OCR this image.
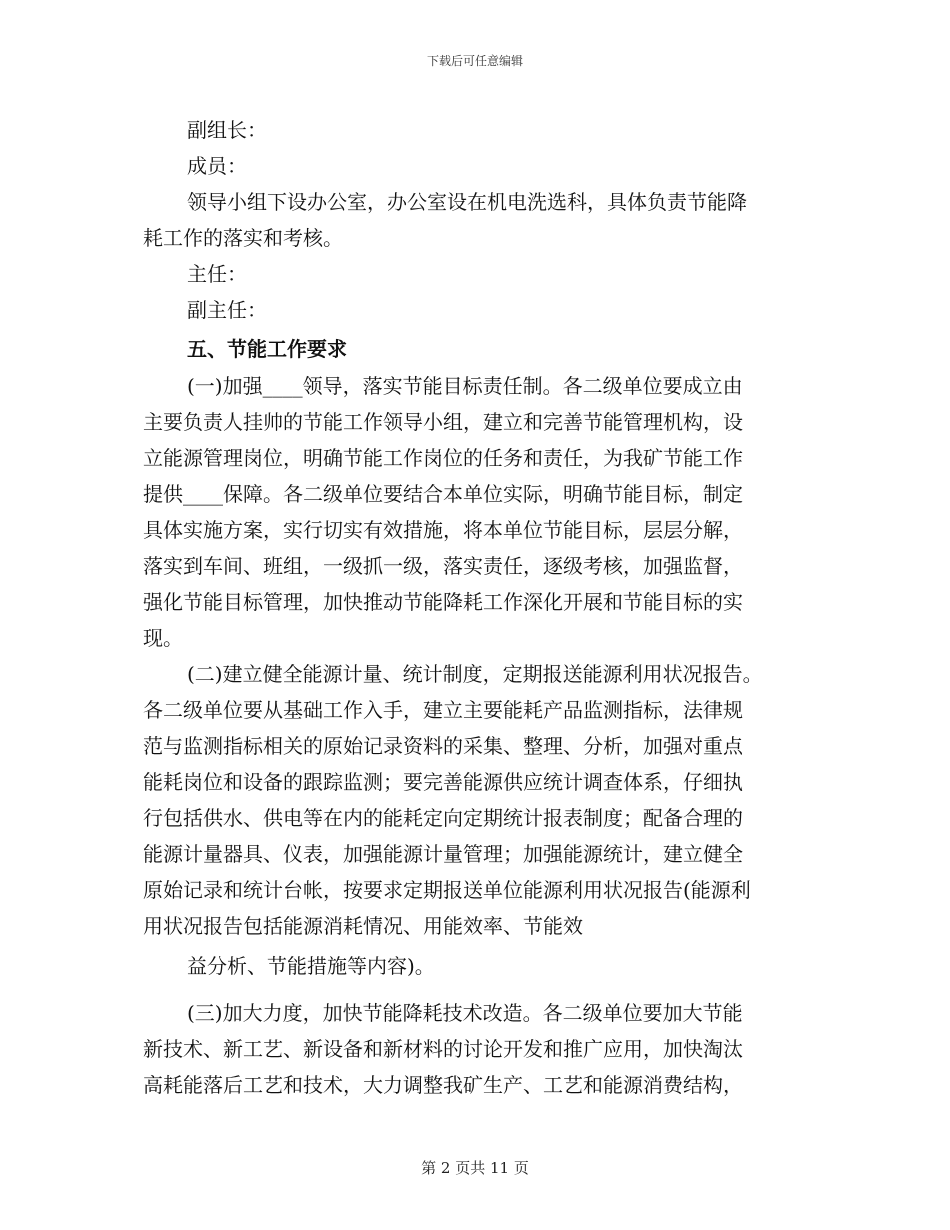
下载后可任意编辑
副组长：
成员：
领导小组下设办公室，办公室设在机电洗选科，具体负责节能降
耗工作的落实和考核。
主任：
副主任：
五、节能工作要求
(一)加强____领导，落实节能目标责任制。各二级单位要成立由
主要负责人挂帅的节能工作领导小组，建立和完善节能管理机构，设
立能源管理岗位，明确节能工作岗位的任务和责任，为我矿节能工作
提供____保障。各二级单位要结合本单位实际，明确节能目标，制定
具体实施方案，实行切实有效措施，将本单位节能目标，层层分解，
落实到车间、班组，一级抓一级，落实责任，逐级考核，加强监督，
强化节能目标管理，加快推动节能降耗工作深化开展和节能目标的实
现。
(二)建立健全能源计量、统计制度，定期报送能源利用状况报告。
各二级单位要从基础工作入手，建立主要能耗产品监测指标，法律规
范与监测指标相关的原始记录资料的采集、整理、分析，加强对重点
能耗岗位和设备的跟踪监测；要完善能源供应统计调查体系，仔细执
行包括供水、供电等在内的能耗定向定期统计报表制度；配备合理的
能源计量器具、仪表，加强能源计量管理；加强能源统计，建立健全
原始记录和统计台帐，按要求定期报送单位能源利用状况报告(能源利
用状况报告包括能源消耗情况、用能效率、节能效
益分析、节能措施等内容)。
(三)加大力度，加快节能降耗技术改造。各二级单位要加大节能
新技术、新工艺、新设备和新材料的讨论开发和推广应用，加快淘汰
高耗能落后工艺和技术，大力调整我矿生产、工艺和能源消费结构，
第 2 页共 11 页
